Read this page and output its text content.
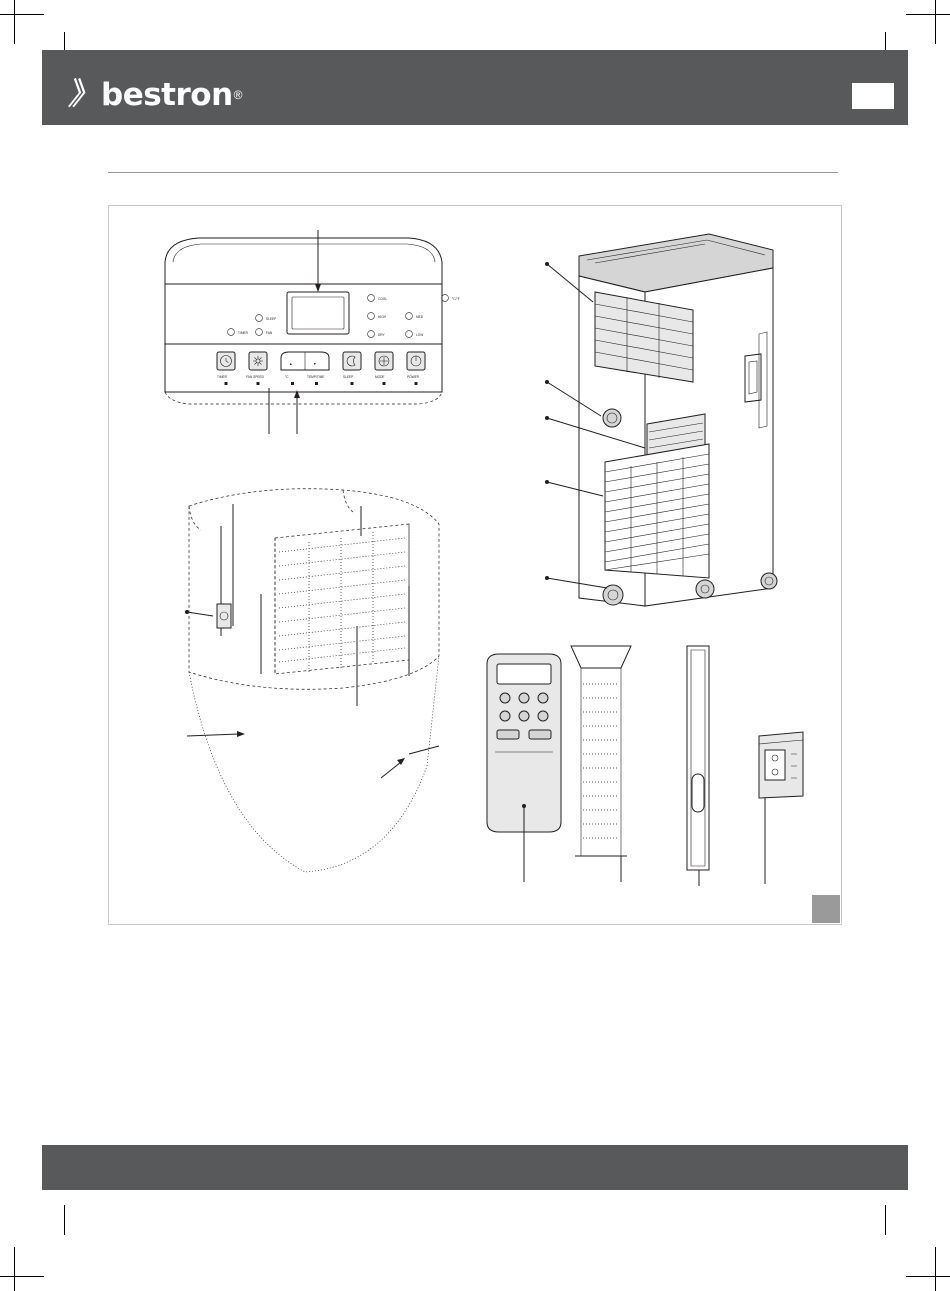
》 bestron ®
TIMER
SLEEP
FAN
COOL
HIGH	MED
DRY	LOW
°C/°F
TIMER	FAN SPEED
▲	▼
°C	TEMP/TIME	SLEEP	MODE	POWER
